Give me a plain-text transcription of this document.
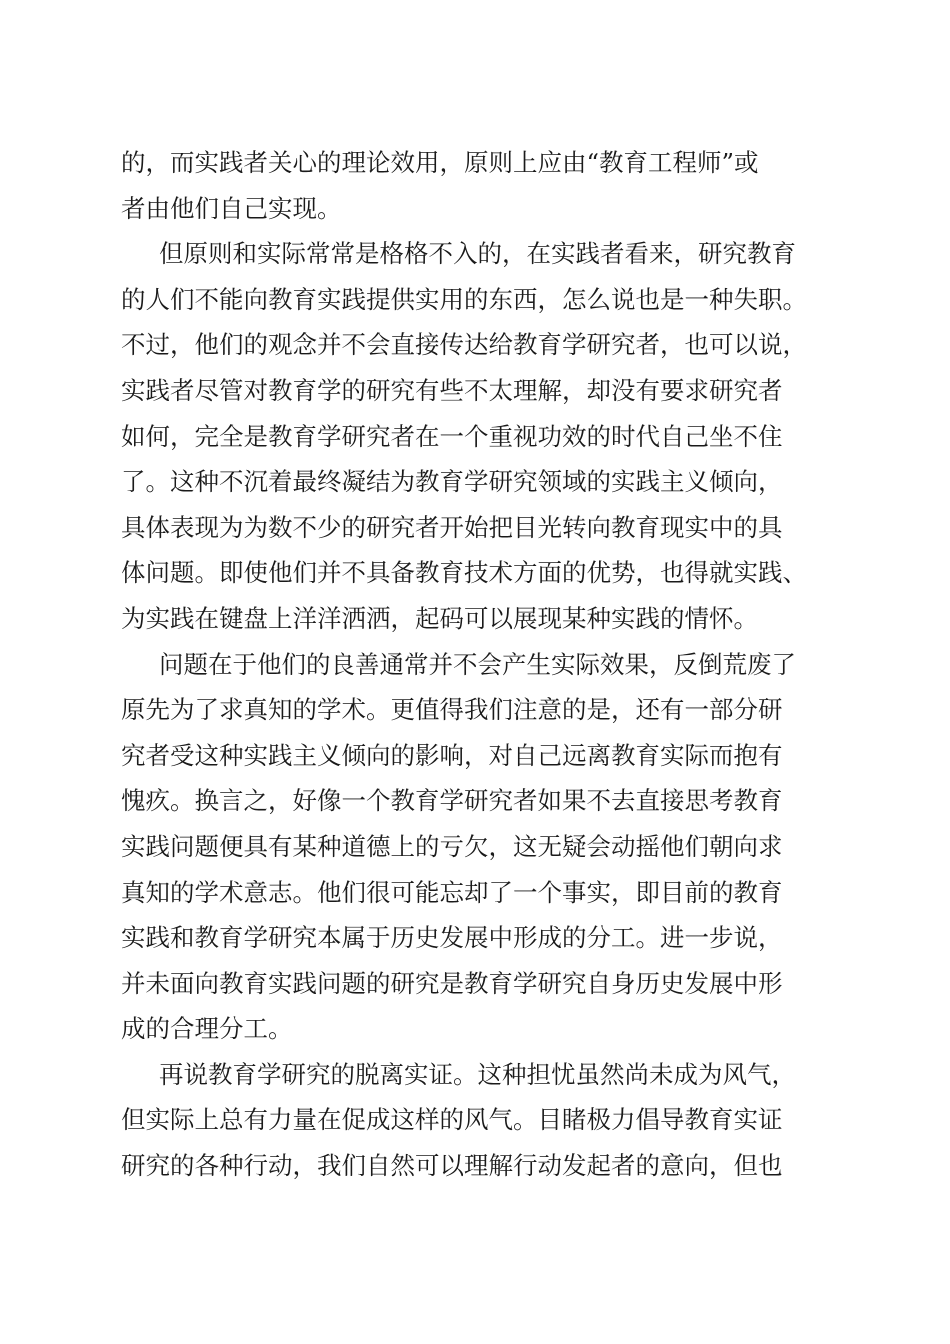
的，而实践者关心的理论效用，原则上应由“教育工程师”或
者由他们自己实现。
但原则和实际常常是格格不入的，在实践者看来，研究教育
的人们不能向教育实践提供实用的东西，怎么说也是一种失职。
不过，他们的观念并不会直接传达给教育学研究者，也可以说，
实践者尽管对教育学的研究有些不太理解，却没有要求研究者
如何，完全是教育学研究者在一个重视功效的时代自己坐不住
了。这种不沉着最终凝结为教育学研究领域的实践主义倾向，
具体表现为为数不少的研究者开始把目光转向教育现实中的具
体问题。即使他们并不具备教育技术方面的优势，也得就实践、
为实践在键盘上洋洋洒洒，起码可以展现某种实践的情怀。
问题在于他们的良善通常并不会产生实际效果，反倒荒废了
原先为了求真知的学术。更值得我们注意的是，还有一部分研
究者受这种实践主义倾向的影响，对自己远离教育实际而抱有
愧疚。换言之，好像一个教育学研究者如果不去直接思考教育
实践问题便具有某种道德上的亏欠，这无疑会动摇他们朝向求
真知的学术意志。他们很可能忘却了一个事实，即目前的教育
实践和教育学研究本属于历史发展中形成的分工。进一步说，
并未面向教育实践问题的研究是教育学研究自身历史发展中形
成的合理分工。
再说教育学研究的脱离实证。这种担忧虽然尚未成为风气，
但实际上总有力量在促成这样的风气。目睹极力倡导教育实证
研究的各种行动，我们自然可以理解行动发起者的意向，但也
